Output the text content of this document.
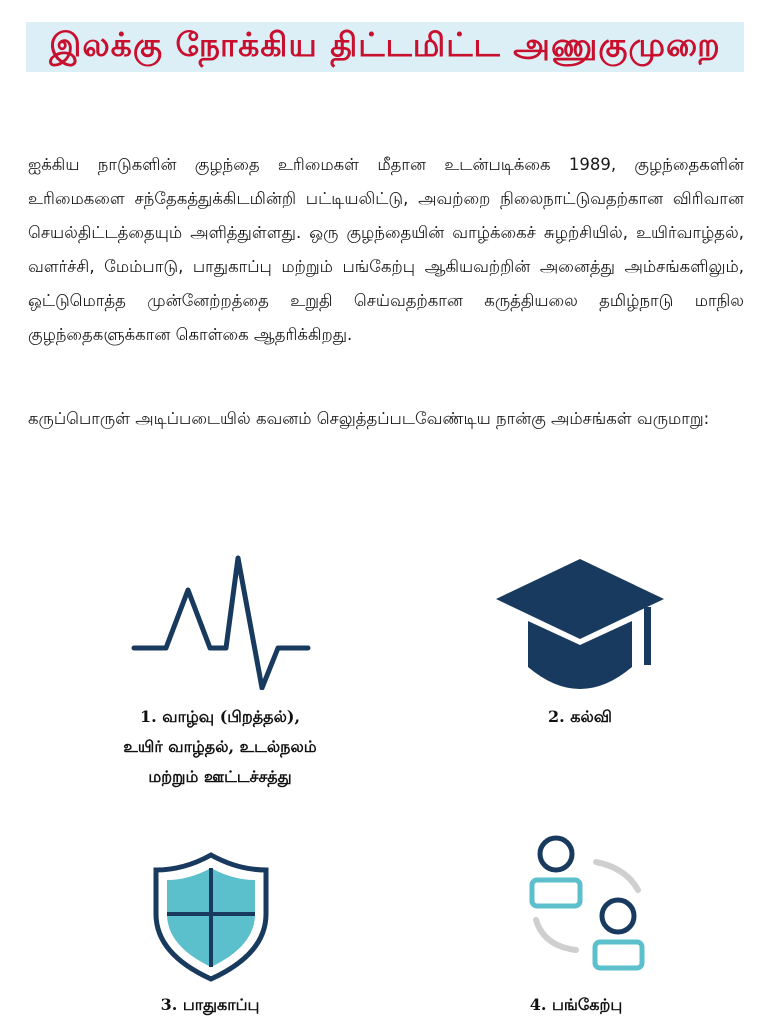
இலக்கு நோக்கிய திட்டமிட்ட அணுகுமுறை

ஐக்கிய நாடுகளின் குழந்தை உரிமைகள் மீதான உடன்படிக்கை 1989, குழந்தைகளின் உரிமைகளை சந்தேகத்துக்கிடமின்றி பட்டியலிட்டு, அவற்றை நிலைநாட்டுவதற்கான விரிவான செயல்திட்டத்தையும் அளித்துள்ளது. ஒரு குழந்தையின் வாழ்க்கைச் சுழற்சியில், உயிர்வாழ்தல், வளர்ச்சி, மேம்பாடு, பாதுகாப்பு மற்றும் பங்கேற்பு ஆகியவற்றின் அனைத்து அம்சங்களிலும், ஒட்டுமொத்த முன்னேற்றத்தை உறுதி செய்வதற்கான கருத்தியலை தமிழ்நாடு மாநில குழந்தைகளுக்கான கொள்கை ஆதரிக்கிறது.

கருப்பொருள் அடிப்படையில் கவனம் செலுத்தப்படவேண்டிய நான்கு அம்சங்கள் வருமாறு:

1. வாழ்வு (பிறத்தல்),
உயிர் வாழ்தல், உடல்நலம்
மற்றும் ஊட்டச்சத்து
2. கல்வி
3. பாதுகாப்பு	4. பங்கேற்பு
